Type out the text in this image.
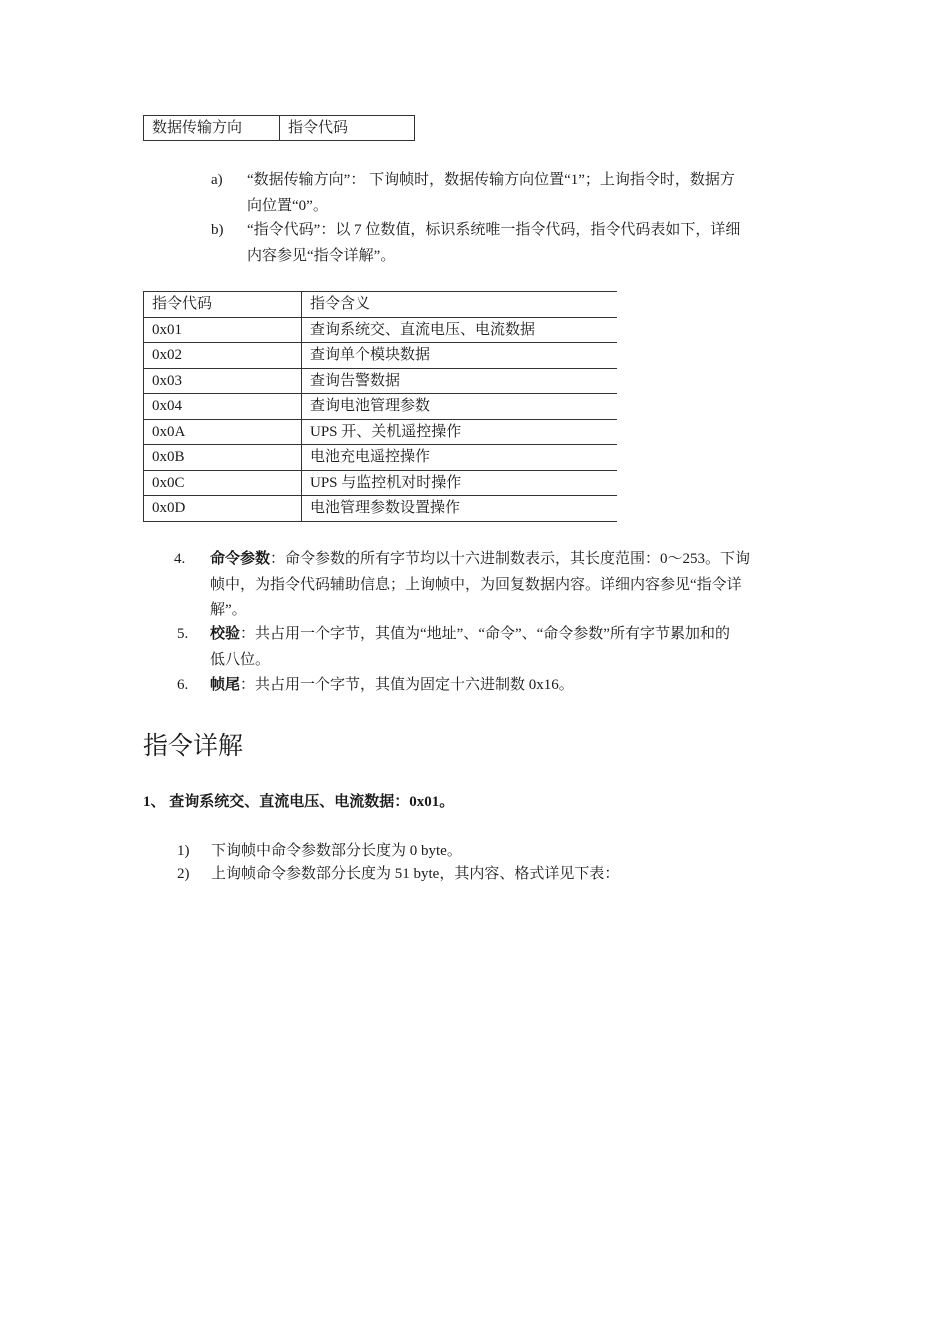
数据传输方向	指令代码
a) “数据传输方向”： 下询帧时，数据传输方向位置“1”；上询指令时，数据方
向位置“0”。
b) “指令代码”：以 7 位数值，标识系统唯一指令代码，指令代码表如下，详细
内容参见“指令详解”。
指令代码	指令含义
0x01	查询系统交、直流电压、电流数据
0x02	查询单个模块数据
0x03	查询告警数据
0x04	查询电池管理参数
0x0A	UPS 开、关机遥控操作
0x0B	电池充电遥控操作
0x0C	UPS 与监控机对时操作
0x0D	电池管理参数设置操作
4. 命令参数：命令参数的所有字节均以十六进制数表示，其长度范围：0～253。下询
帧中，为指令代码辅助信息；上询帧中，为回复数据内容。详细内容参见“指令详
解”。
5. 校验：共占用一个字节，其值为“地址”、“命令”、“命令参数”所有字节累加和的
低八位。
6. 帧尾：共占用一个字节，其值为固定十六进制数 0x16。
指令详解
1、 查询系统交、直流电压、电流数据：0x01。
1) 下询帧中命令参数部分长度为 0 byte。
2) 上询帧命令参数部分长度为 51 byte，其内容、格式详见下表：
